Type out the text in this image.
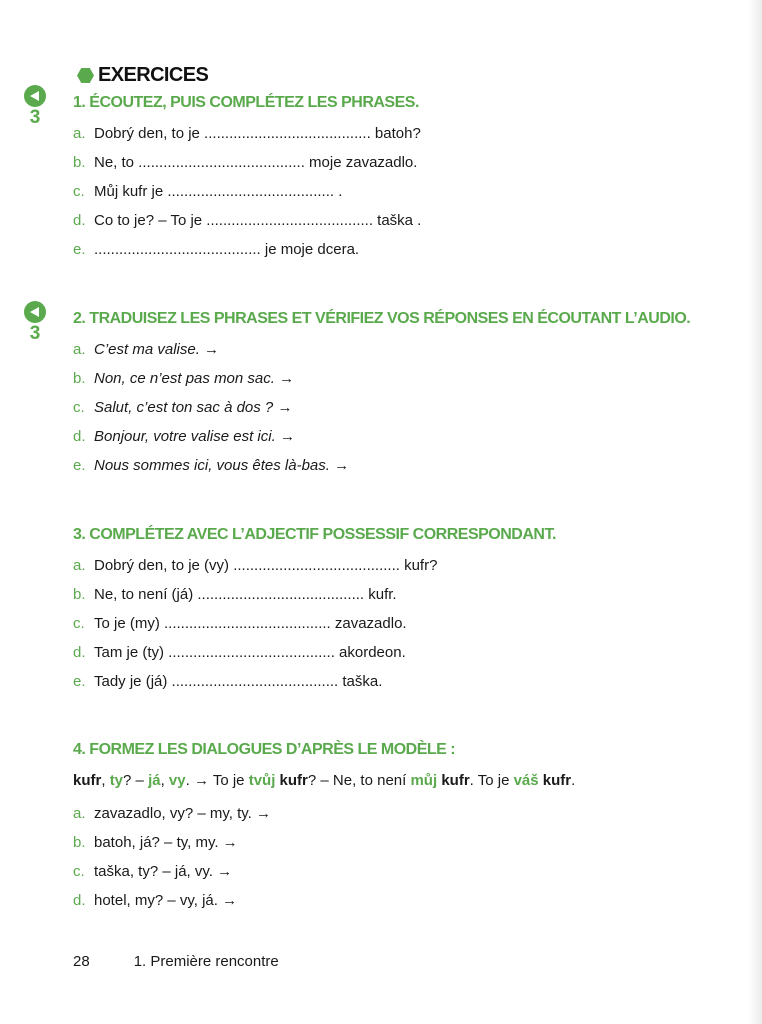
EXERCICES
3
1. ÉCOUTEZ, PUIS COMPLÉTEZ LES PHRASES.
a. Dobrý den, to je ........................................ batoh?
b. Ne, to ........................................ moje zavazadlo.
c. Můj kufr je ........................................ .
d. Co to je? – To je ........................................ taška .
e. ........................................ je moje dcera.
3
2. TRADUISEZ LES PHRASES ET VÉRIFIEZ VOS RÉPONSES EN ÉCOUTANT L’AUDIO.
a. C’est ma valise. →
b. Non, ce n’est pas mon sac. →
c. Salut, c’est ton sac à dos ? →
d. Bonjour, votre valise est ici. →
e. Nous sommes ici, vous êtes là-bas. →
3. COMPLÉTEZ AVEC L’ADJECTIF POSSESSIF CORRESPONDANT.
a. Dobrý den, to je (vy) ........................................ kufr?
b. Ne, to není (já) ........................................ kufr.
c. To je (my) ........................................ zavazadlo.
d. Tam je (ty) ........................................ akordeon.
e. Tady je (já) ........................................ taška.
4. FORMEZ LES DIALOGUES D’APRÈS LE MODÈLE :
kufr, ty? – já, vy. → To je tvůj kufr? – Ne, to není můj kufr. To je váš kufr.
a. zavazadlo, vy? – my, ty. →
b. batoh, já? – ty, my. →
c. taška, ty? – já, vy. →
d. hotel, my? – vy, já. →
28	1. Première rencontre
